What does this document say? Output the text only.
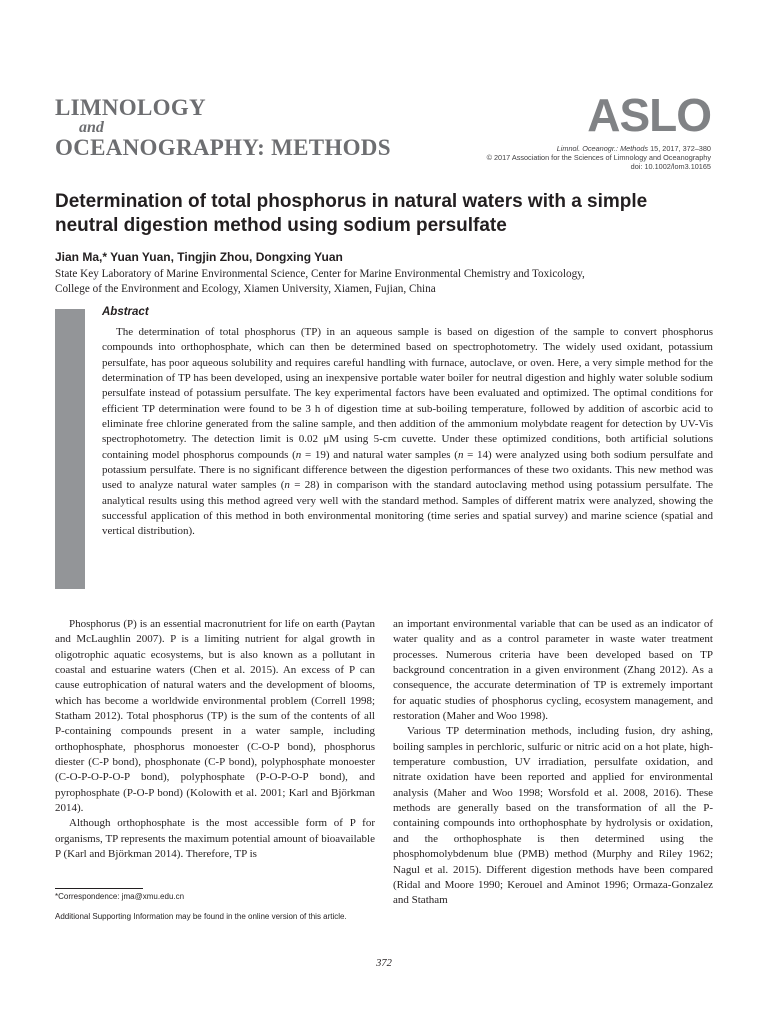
LIMNOLOGY
and
OCEANOGRAPHY: METHODS
ASLO
Limnol. Oceanogr.: Methods 15, 2017, 372–380
© 2017 Association for the Sciences of Limnology and Oceanography
doi: 10.1002/lom3.10165
Determination of total phosphorus in natural waters with a simple neutral digestion method using sodium persulfate
Jian Ma,* Yuan Yuan, Tingjin Zhou, Dongxing Yuan
State Key Laboratory of Marine Environmental Science, Center for Marine Environmental Chemistry and Toxicology,
College of the Environment and Ecology, Xiamen University, Xiamen, Fujian, China
Abstract

The determination of total phosphorus (TP) in an aqueous sample is based on digestion of the sample to convert phosphorus compounds into orthophosphate, which can then be determined based on spectrophotometry. The widely used oxidant, potassium persulfate, has poor aqueous solubility and requires careful handling with furnace, autoclave, or oven. Here, a very simple method for the determination of TP has been developed, using an inexpensive portable water boiler for neutral digestion and highly water soluble sodium persulfate instead of potassium persulfate. The key experimental factors have been evaluated and optimized. The optimal conditions for efficient TP determination were found to be 3 h of digestion time at sub-boiling temperature, followed by addition of ascorbic acid to eliminate free chlorine generated from the saline sample, and then addition of the ammonium molybdate reagent for detection by UV-Vis spectrophotometry. The detection limit is 0.02 μM using 5-cm cuvette. Under these optimized conditions, both artificial solutions containing model phosphorus compounds (n = 19) and natural water samples (n = 14) were analyzed using both sodium persulfate and potassium persulfate. There is no significant difference between the digestion performances of these two oxidants. This new method was used to analyze natural water samples (n = 28) in comparison with the standard autoclaving method using potassium persulfate. The analytical results using this method agreed very well with the standard method. Samples of different matrix were analyzed, showing the successful application of this method in both environmental monitoring (time series and spatial survey) and marine science (spatial and vertical distribution).

Phosphorus (P) is an essential macronutrient for life on earth (Paytan and McLaughlin 2007). P is a limiting nutrient for algal growth in oligotrophic aquatic ecosystems, but is also known as a pollutant in coastal and estuarine waters (Chen et al. 2015). An excess of P can cause eutrophication of natural waters and the development of blooms, which has become a worldwide environmental problem (Correll 1998; Statham 2012). Total phosphorus (TP) is the sum of the contents of all P-containing compounds present in a water sample, including orthophosphate, phosphorus monoester (C-O-P bond), phosphorus diester (C-P bond), phosphonate (C-P bond), polyphosphate monoester (C-O-P-O-P-O-P bond), polyphosphate (P-O-P-O-P bond), and pyrophosphate (P-O-P bond) (Kolowith et al. 2001; Karl and Björkman 2014).

Although orthophosphate is the most accessible form of P for organisms, TP represents the maximum potential amount of bioavailable P (Karl and Björkman 2014). Therefore, TP is

an important environmental variable that can be used as an indicator of water quality and as a control parameter in waste water treatment processes. Numerous criteria have been developed based on TP background concentration in a given environment (Zhang 2012). As a consequence, the accurate determination of TP is extremely important for aquatic studies of phosphorus cycling, ecosystem management, and restoration (Maher and Woo 1998).

Various TP determination methods, including fusion, dry ashing, boiling samples in perchloric, sulfuric or nitric acid on a hot plate, high-temperature combustion, UV irradiation, persulfate oxidation, and nitrate oxidation have been reported and applied for environmental analysis (Maher and Woo 1998; Worsfold et al. 2008, 2016). These methods are generally based on the transformation of all the P-containing compounds into orthophosphate by hydrolysis or oxidation, and the orthophosphate is then determined using the phosphomolybdenum blue (PMB) method (Murphy and Riley 1962; Nagul et al. 2015). Different digestion methods have been compared (Ridal and Moore 1990; Kerouel and Aminot 1996; Ormaza-Gonzalez and Statham

*Correspondence: jma@xmu.edu.cn

Additional Supporting Information may be found in the online version of this article.

372
